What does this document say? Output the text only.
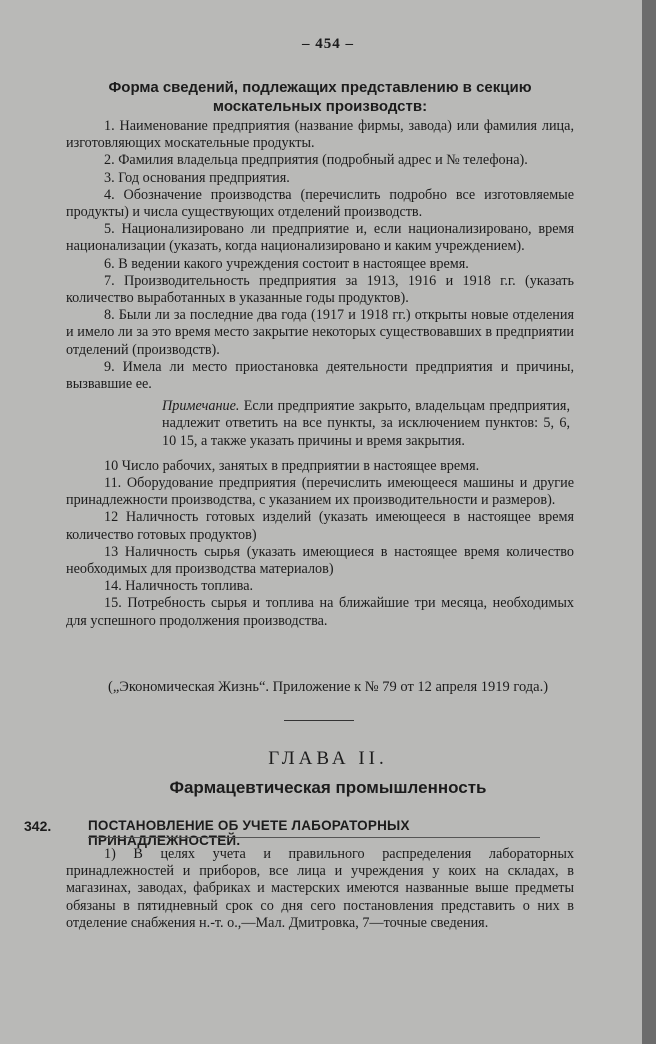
– 454 –
Форма сведений, подлежащих представлению в секцию москательных производств:

1. Наименование предприятия (название фирмы, завода) или фамилия лица, изготовляющих москательные продукты.

2. Фамилия владельца предприятия (подробный адрес и № телефона).

3. Год основания предприятия.

4. Обозначение производства (перечислить подробно все изготовляемые продукты) и числа существующих отделений производств.

5. Национализировано ли предприятие и, если национализировано, время национализации (указать, когда национализировано и каким учреждением).

6. В ведении какого учреждения состоит в настоящее время.

7. Производительность предприятия за 1913, 1916 и 1918 г.г. (указать количество выработанных в указанные годы продуктов).

8. Были ли за последние два года (1917 и 1918 гг.) открыты новые отделения и имело ли за это время место закрытие некоторых существовавших в предприятии отделений (производств).

9. Имела ли место приостановка деятельности предприятия и причины, вызвавшие ее.

Примечание. Если предприятие закрыто, владельцам предприятия, надлежит ответить на все пункты, за исключением пунктов: 5, 6, 10 15, а также указать причины и время закрытия.

10 Число рабочих, занятых в предприятии в настоящее время.

11. Оборудование предприятия (перечислить имеющееся машины и другие принадлежности производства, с указанием их производительности и размеров).

12 Наличность готовых изделий (указать имеющееся в настоящее время количество готовых продуктов)

13 Наличность сырья (указать имеющиеся в настоящее время количество необходимых для производства материалов)

14. Наличность топлива.

15. Потребность сырья и топлива на ближайшие три месяца, необходимых для успешного продолжения производства.

(„Экономическая Жизнь“. Приложение к № 79 от 12 апреля 1919 года.)
ГЛАВА II.
Фармацевтическая промышленность
342.	ПОСТАНОВЛЕНИЕ ОБ УЧЕТЕ ЛАБОРАТОРНЫХ ПРИНАДЛЕЖНОСТЕЙ.
1) В целях учета и правильного распределения лабораторных принадлежностей и приборов, все лица и учреждения у коих на складах, в магазинах, заводах, фабриках и мастерских имеются названные выше предметы обязаны в пятидневный срок со дня сего постановления представить о них в отделение снабжения н.-т. о.,—Мал. Дмитровка, 7—точные сведения.
